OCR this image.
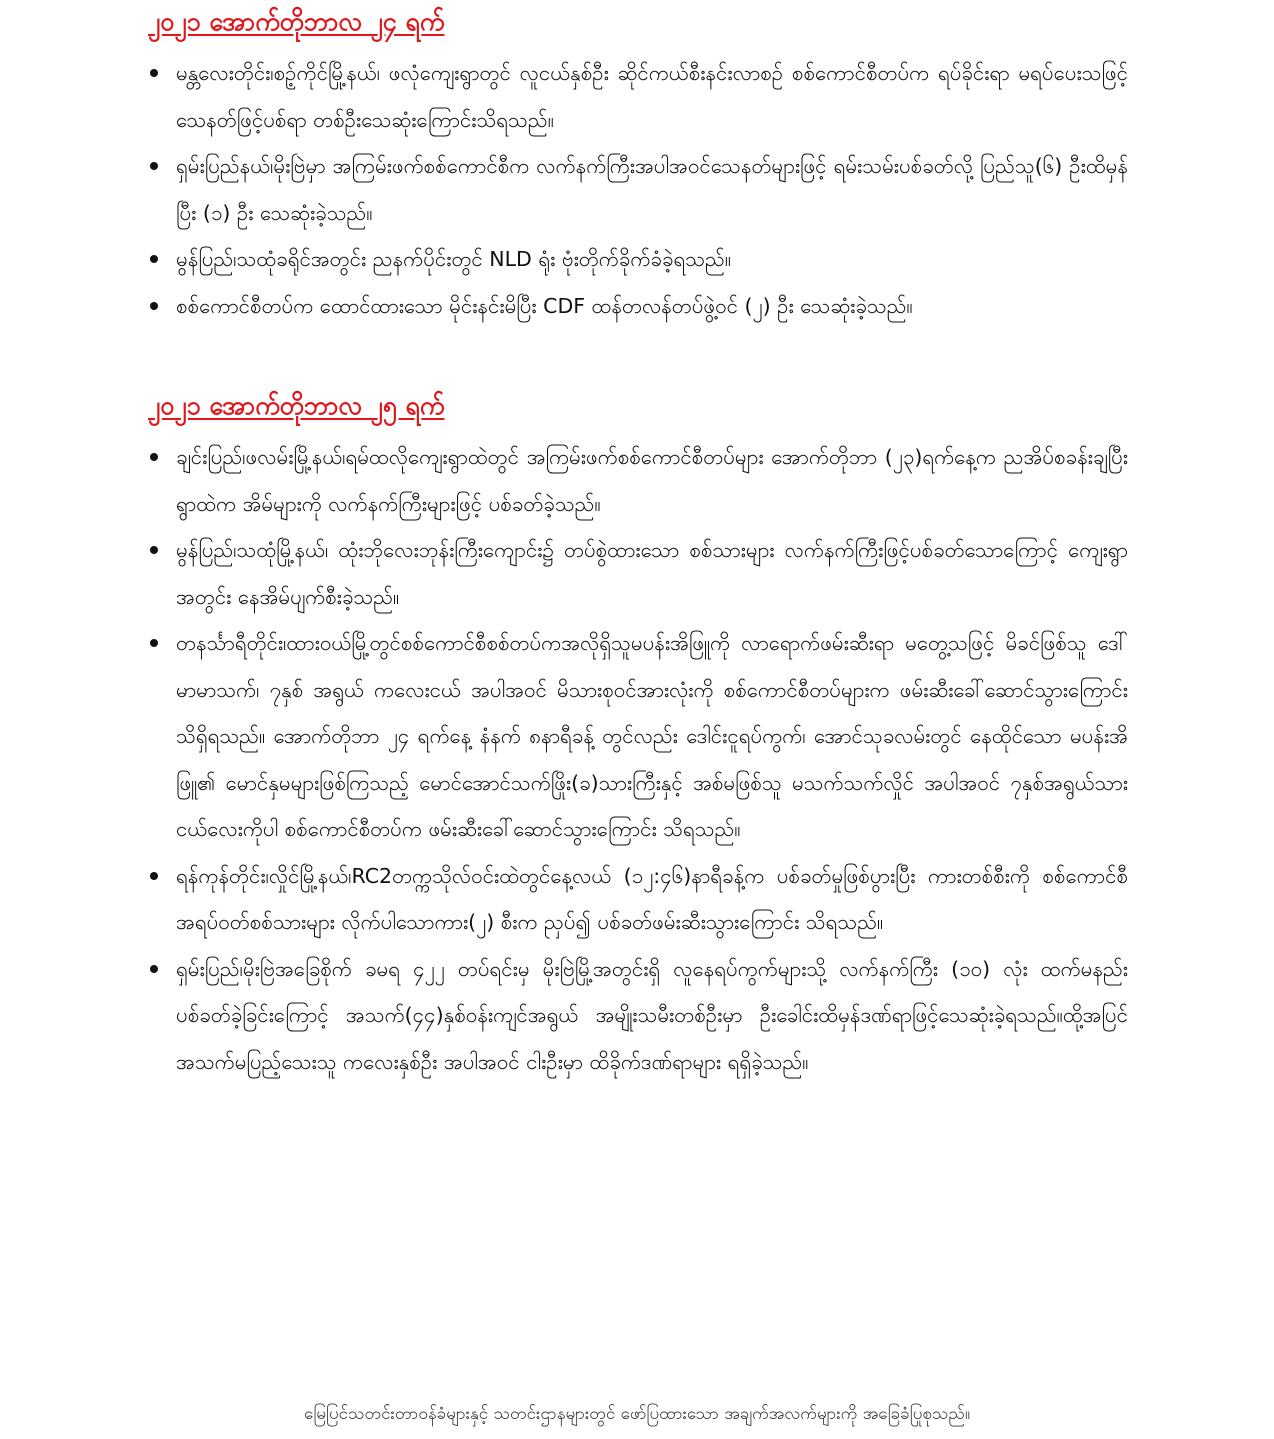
၂၀၂၁ အောက်တိုဘာလ ၂၄ ရက်
မန္တလေးတိုင်း၊စဉ့်ကိုင်မြို့နယ်၊ ဖလုံကျေးရွာတွင် လူငယ်နှစ်ဦး ဆိုင်ကယ်စီးနင်းလာစဉ် စစ်ကောင်စီတပ်က ရပ်ခိုင်းရာ မရပ်ပေးသဖြင့် သေနတ်ဖြင့်ပစ်ရာ တစ်ဦးသေဆုံးကြောင်းသိရသည်။
ရှမ်းပြည်နယ်၊မိုးဗြဲမှာ အကြမ်းဖက်စစ်ကောင်စီက လက်နက်ကြီးအပါအဝင်သေနတ်များဖြင့် ရမ်းသမ်းပစ်ခတ်လို့ ပြည်သူ(၆) ဦးထိမှန်ပြီး (၁) ဦး သေဆုံးခဲ့သည်။
မွန်ပြည်၊သထုံခရိုင်အတွင်း ညနက်ပိုင်းတွင် NLD ရုံး ဗုံးတိုက်ခိုက်ခံခဲ့ရသည်။
စစ်ကောင်စီတပ်က ထောင်ထားသော မိုင်းနင်းမိပြီး CDF ထန်တလန်တပ်ဖွဲ့ဝင် (၂) ဦး သေဆုံးခဲ့သည်။
၂၀၂၁ အောက်တိုဘာလ ၂၅ ရက်
ချင်းပြည်၊ဖလမ်းမြို့နယ်၊ရမ်ထလိုကျေးရွာထဲတွင် အကြမ်းဖက်စစ်ကောင်စီတပ်များ အောက်တိုဘာ (၂၃)ရက်နေ့က ညအိပ်စခန်းချပြီး ရွာထဲက အိမ်များကို လက်နက်ကြီးများဖြင့် ပစ်ခတ်ခဲ့သည်။
မွန်ပြည်၊သထုံမြို့နယ်၊ ထုံးဘိုလေးဘုန်းကြီးကျောင်း၌ တပ်စွဲထားသော စစ်သားများ လက်နက်ကြီးဖြင့်ပစ်ခတ်သောကြောင့် ကျေးရွာအတွင်း နေအိမ်ပျက်စီးခဲ့သည်။
တနင်္သာရီတိုင်း၊ထားဝယ်မြို့တွင်စစ်ကောင်စီစစ်တပ်ကအလိုရှိသူမပန်းအိဖြူကို လာရောက်ဖမ်းဆီးရာ မတွေ့သဖြင့် မိခင်ဖြစ်သူ ဒေါ်မာမာသက်၊ ၇နှစ် အရွယ် ကလေးငယ် အပါအဝင် မိသားစုဝင်အားလုံးကို စစ်ကောင်စီတပ်များက ဖမ်းဆီးခေါ်ဆောင်သွားကြောင်း သိရှိရသည်။ အောက်တိုဘာ ၂၄ ရက်နေ့ နံနက် ၈နာရီခန့် တွင်လည်း ဒေါင်းငူရပ်ကွက်၊ အောင်သုခလမ်းတွင် နေထိုင်သော မပန်းအိဖြူ၏ မောင်နှမများဖြစ်ကြသည့် မောင်အောင်သက်ဖြိုး(ခ)သားကြီးနှင့် အစ်မဖြစ်သူ မသက်သက်လှိုင် အပါအဝင် ၇နှစ်အရွယ်သားငယ်လေးကိုပါ စစ်ကောင်စီတပ်က ဖမ်းဆီးခေါ်ဆောင်သွားကြောင်း သိရသည်။
ရန်ကုန်တိုင်း၊လှိုင်မြို့နယ်၊RC2တက္ကသိုလ်ဝင်းထဲတွင်နေ့လယ် (၁၂:၄၆)နာရီခန့်က ပစ်ခတ်မှုဖြစ်ပွားပြီး ကားတစ်စီးကို စစ်ကောင်စီအရပ်ဝတ်စစ်သားများ လိုက်ပါသောကား(၂) စီးက ညှပ်၍ ပစ်ခတ်ဖမ်းဆီးသွားကြောင်း သိရသည်။
ရှမ်းပြည်၊မိုးဗြဲအခြေစိုက် ခမရ ၄၂၂ တပ်ရင်းမှ မိုးဗြဲမြို့အတွင်းရှိ လူနေရပ်ကွက်များသို့ လက်နက်ကြီး (၁၀) လုံး ထက်မနည်း ပစ်ခတ်ခဲ့ခြင်းကြောင့် အသက်(၄၄)နှစ်ဝန်းကျင်အရွယ် အမျိုးသမီးတစ်ဦးမှာ ဦးခေါင်းထိမှန်ဒဏ်ရာဖြင့်သေဆုံးခဲ့ရသည်။ထို့အပြင် အသက်မပြည့်သေးသူ ကလေးနှစ်ဦး အပါအဝင် ငါးဦးမှာ ထိခိုက်ဒဏ်ရာများ ရရှိခဲ့သည်။
မြေပြင်သတင်းတာဝန်ခံများနှင့် သတင်းဌာနများတွင် ဖော်ပြထားသော အချက်အလက်များကို အခြေခံပြုစုသည်။
